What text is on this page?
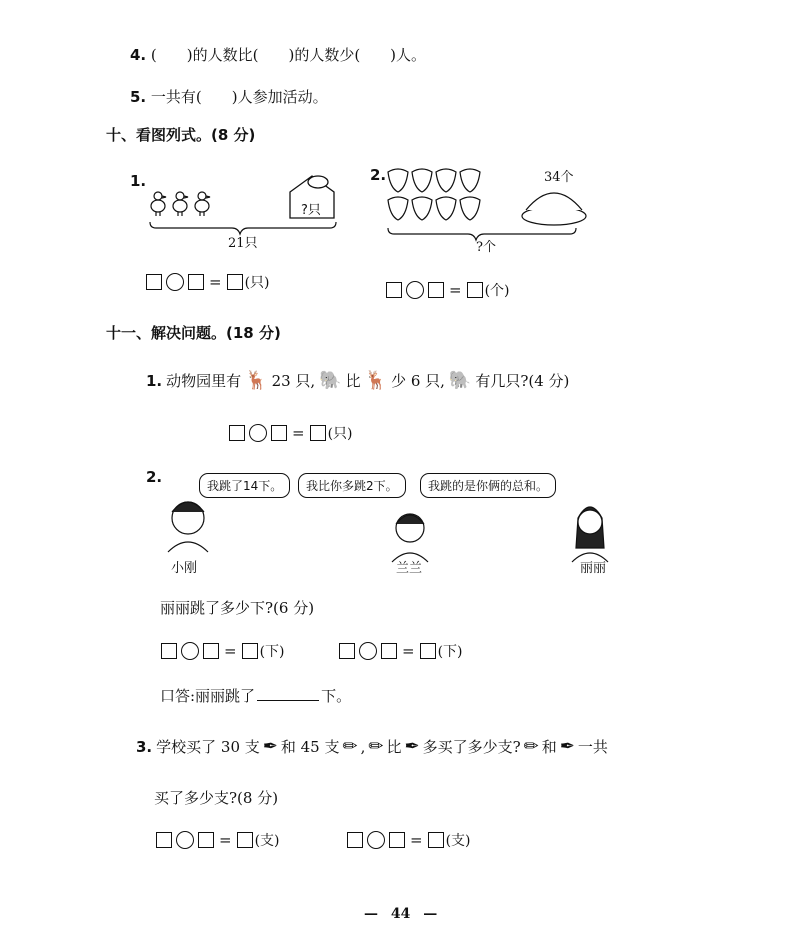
4. (　　)的人数比(　　)的人数少(　　)人。
5. 一共有(　　)人参加活动。
十、看图列式。(8 分)
1.
?只
21只
= (只)
2.	34个
?个
= (个)
十一、解决问题。(18 分)
1. 动物园里有 🦌 23 只, 🐘 比 🦌 少 6 只, 🐘 有几只?(4 分)
= (只)
2.	我跳了14下。	我比你多跳2下。	我跳的是你俩的总和。
小刚	兰兰	丽丽
丽丽跳了多少下?(6 分)
= (下)	= (下)
口答:丽丽跳了	下。
3. 学校买了 30 支 ✒ 和 45 支 ✏ , ✏ 比 ✒ 多买了多少支? ✏ 和 ✒ 一共
买了多少支?(8 分)
= (支)	= (支)
— 44 —
